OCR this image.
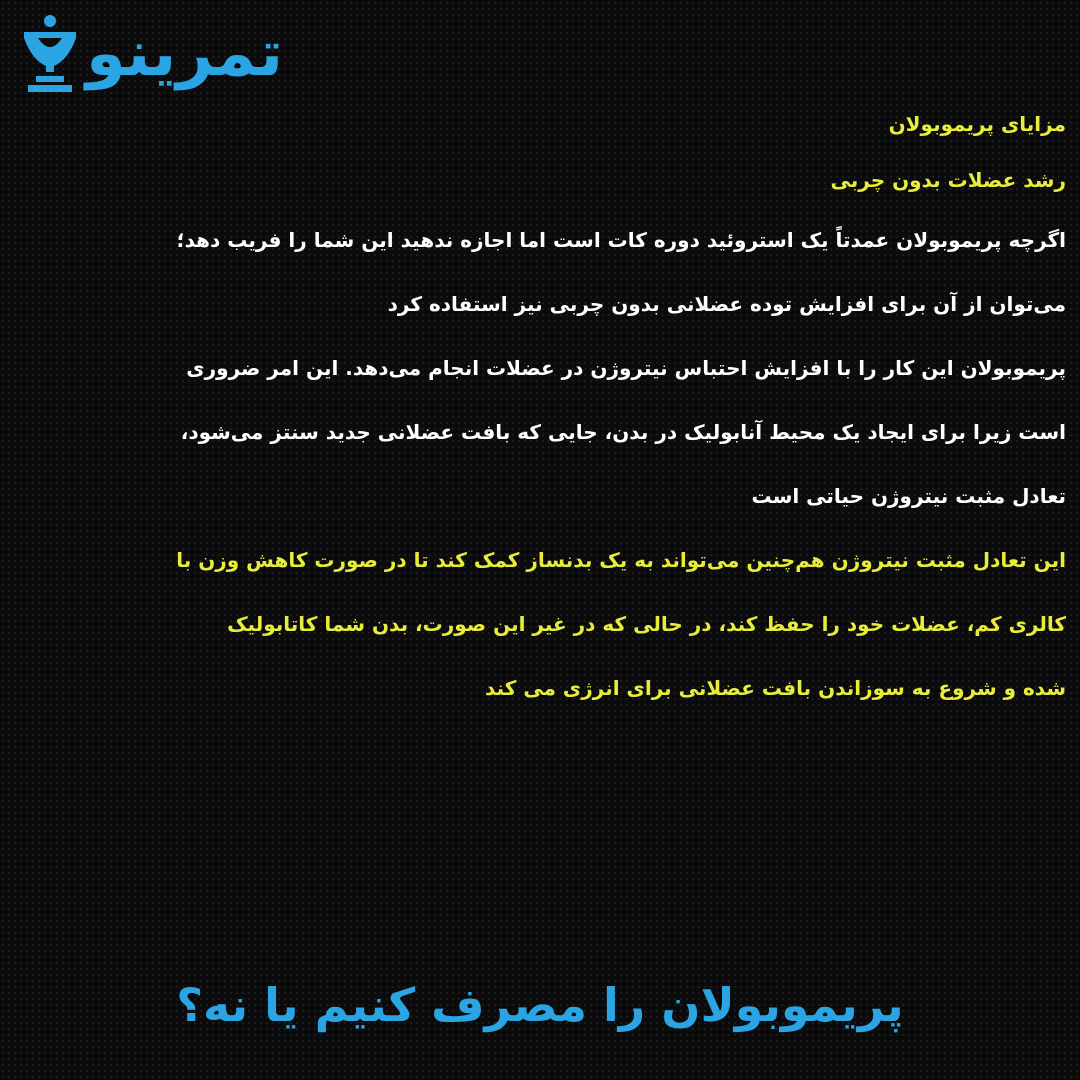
تمرینو
مزایای پریموبولان
رشد عضلات بدون چربی
اگرچه پریموبولان عمدتاً یک استروئید دوره کات است اما اجازه ندهید این شما را فریب دهد؛
می‌توان از آن برای افزایش توده عضلانی بدون چربی نیز استفاده کرد
پریموبولان این کار را با افزایش احتباس نیتروژن در عضلات انجام می‌دهد. این امر ضروری
است زیرا برای ایجاد یک محیط آنابولیک در بدن، جایی که بافت عضلانی جدید سنتز می‌شود،
تعادل مثبت نیتروژن حیاتی است
این تعادل مثبت نیتروژن هم‌چنین می‌تواند به یک بدنساز کمک کند تا در صورت کاهش وزن با
کالری کم، عضلات خود را حفظ کند، در حالی که در غیر این صورت، بدن شما کاتابولیک
شده و شروع به سوزاندن بافت عضلانی برای انرژی می کند
پریموبولان را مصرف کنیم یا نه؟
